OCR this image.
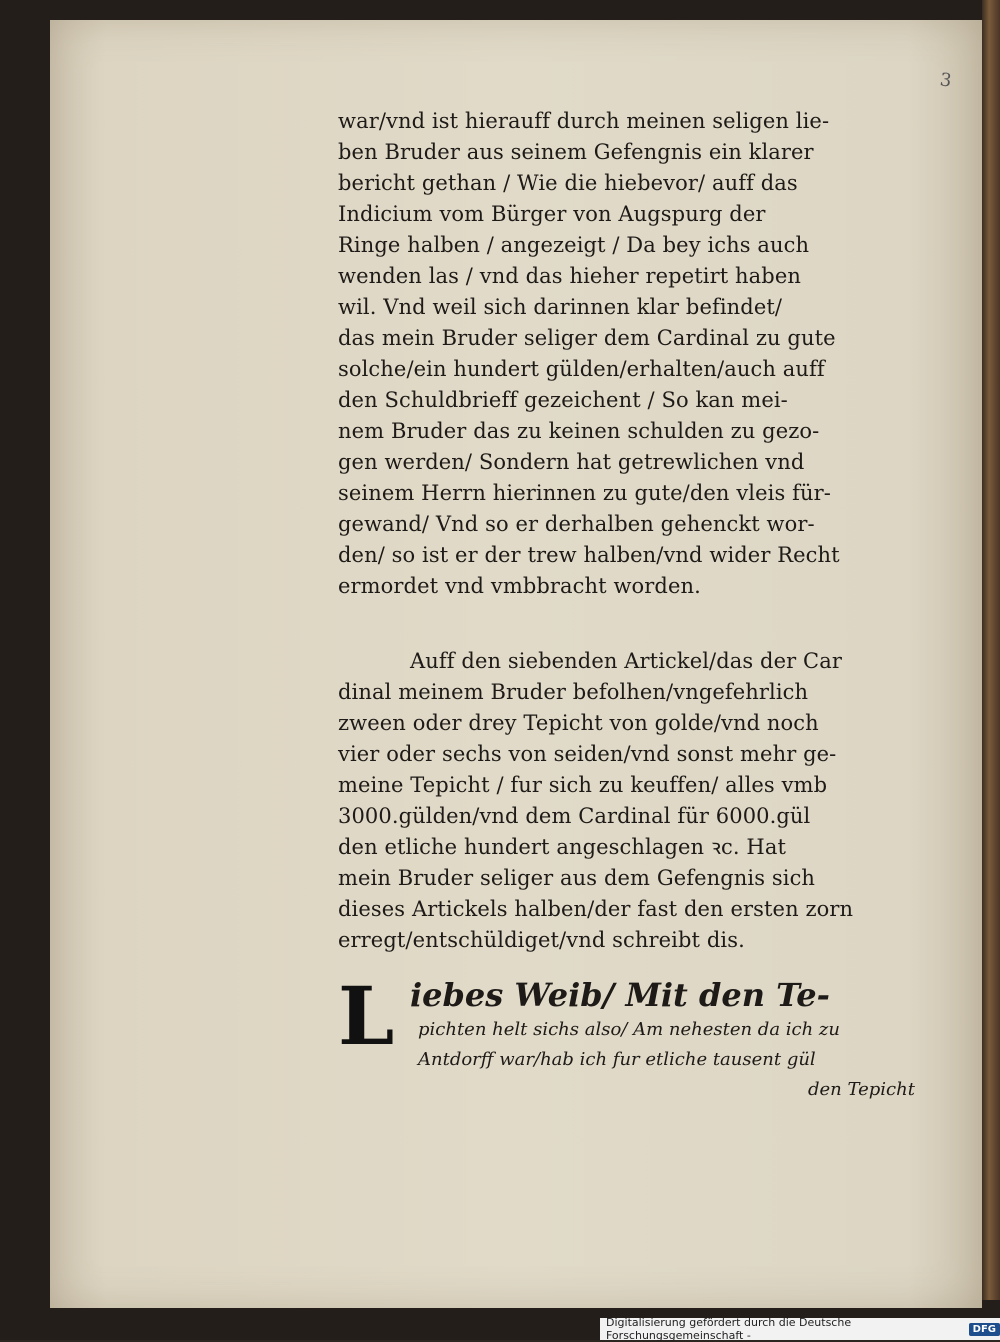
3
war/vnd ist hierauff durch meinen seligen lie-
ben Bruder aus seinem Gefengnis ein klarer
bericht gethan / Wie die hiebevor/ auff das
Indicium vom Bürger von Augspurg der
Ringe halben / angezeigt / Da bey ichs auch
wenden las / vnd das hieher repetirt haben
wil. Vnd weil sich darinnen klar befindet/
das mein Bruder seliger dem Cardinal zu gute
solche/ein hundert gülden/erhalten/auch auff
den Schuldbrieff gezeichent / So kan mei-
nem Bruder das zu keinen schulden zu gezo-
gen werden/ Sondern hat getrewlichen vnd
seinem Herrn hierinnen zu gute/den vleis für-
gewand/ Vnd so er derhalben gehenckt wor-
den/ so ist er der trew halben/vnd wider Recht
ermordet vnd vmbbracht worden.
Auff den siebenden Artickel/das der Car
dinal meinem Bruder befolhen/vngefehrlich
zween oder drey Tepicht von golde/vnd noch
vier oder sechs von seiden/vnd sonst mehr ge-
meine Tepicht / fur sich zu keuffen/ alles vmb
3000.gülden/vnd dem Cardinal für 6000.gül
den etliche hundert angeschlagen ꝛc. Hat
mein Bruder seliger aus dem Gefengnis sich
dieses Artickels halben/der fast den ersten zorn
erregt/entschüldiget/vnd schreibt dis.
L iebes Weib/ Mit den Te-
pichten helt sichs also/ Am nehesten da ich zu
Antdorff war/hab ich fur etliche tausent gül
den Tepicht
Digitalisierung gefördert durch die Deutsche Forschungsgemeinschaft -	DFG
